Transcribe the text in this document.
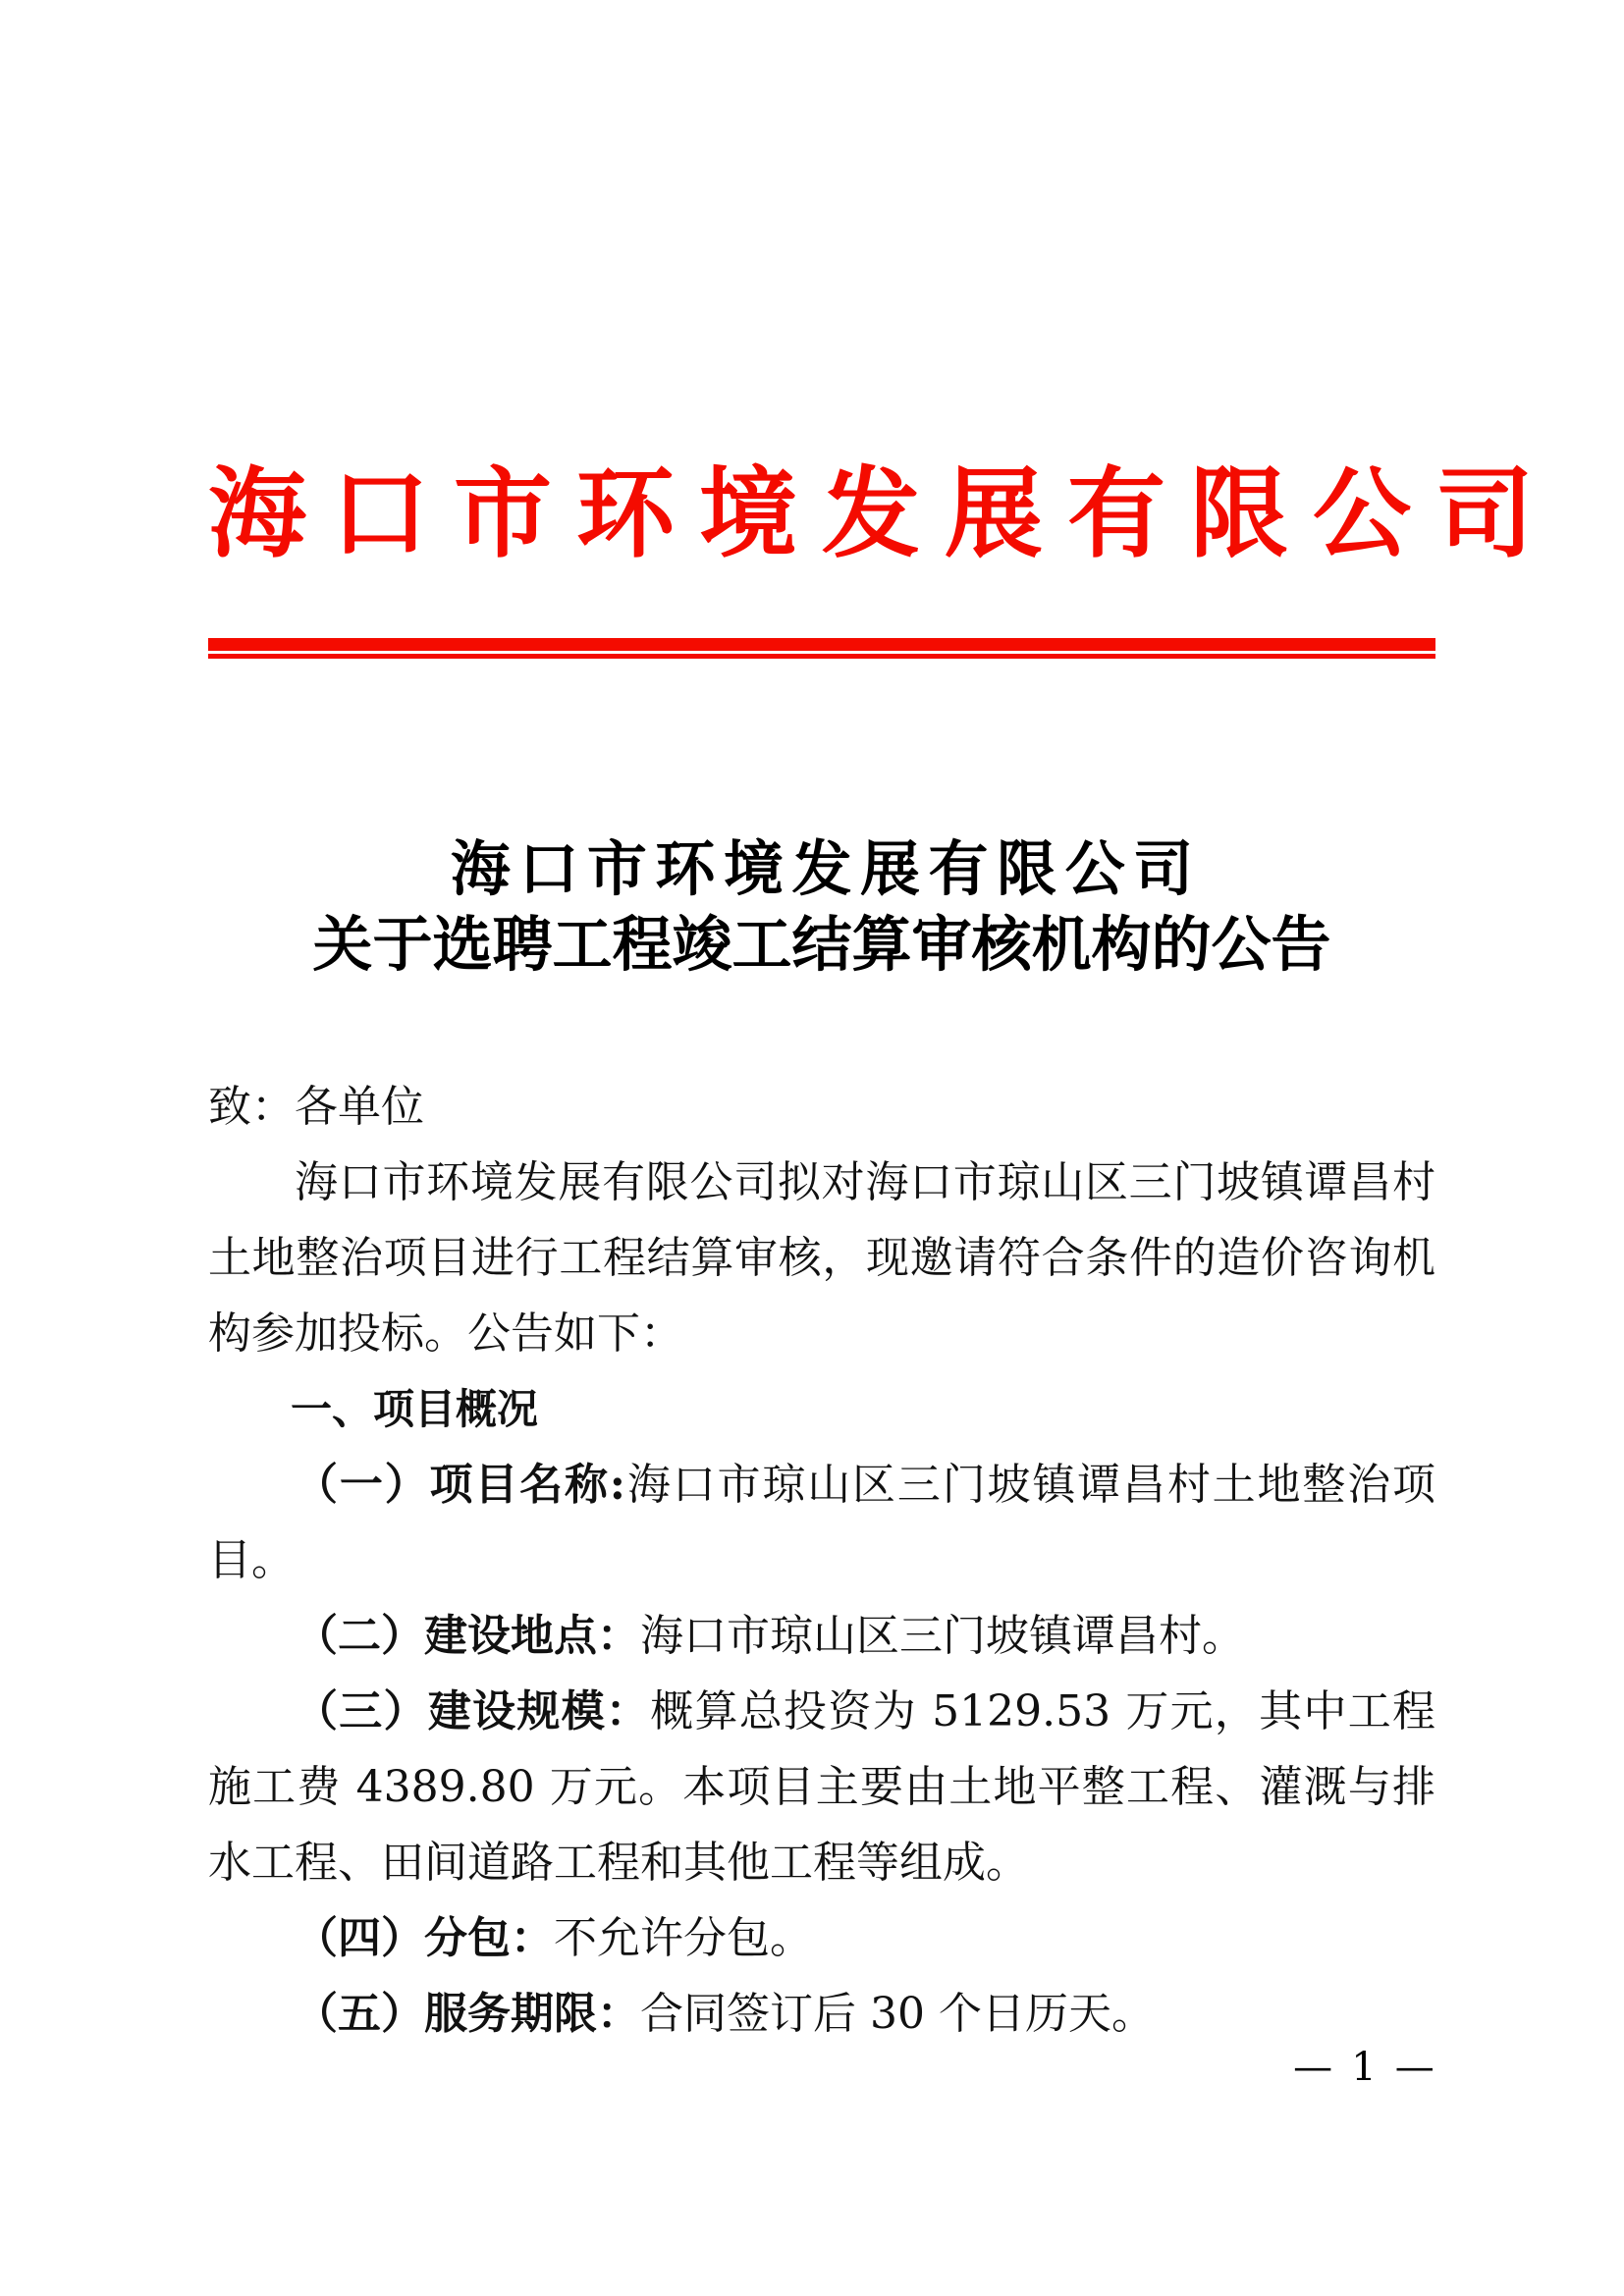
海口市环境发展有限公司
海口市环境发展有限公司
关于选聘工程竣工结算审核机构的公告

致：各单位

海口市环境发展有限公司拟对海口市琼山区三门坡镇谭昌村土地整治项目进行工程结算审核，现邀请符合条件的造价咨询机构参加投标。公告如下：

一、项目概况

（一）项目名称:海口市琼山区三门坡镇谭昌村土地整治项目。

（二）建设地点：海口市琼山区三门坡镇谭昌村。

（三）建设规模：概算总投资为 5129.53 万元，其中工程施工费 4389.80 万元。本项目主要由土地平整工程、灌溉与排水工程、田间道路工程和其他工程等组成。

（四）分包：不允许分包。

（五）服务期限：合同签订后 30 个日历天。

— 1 —
